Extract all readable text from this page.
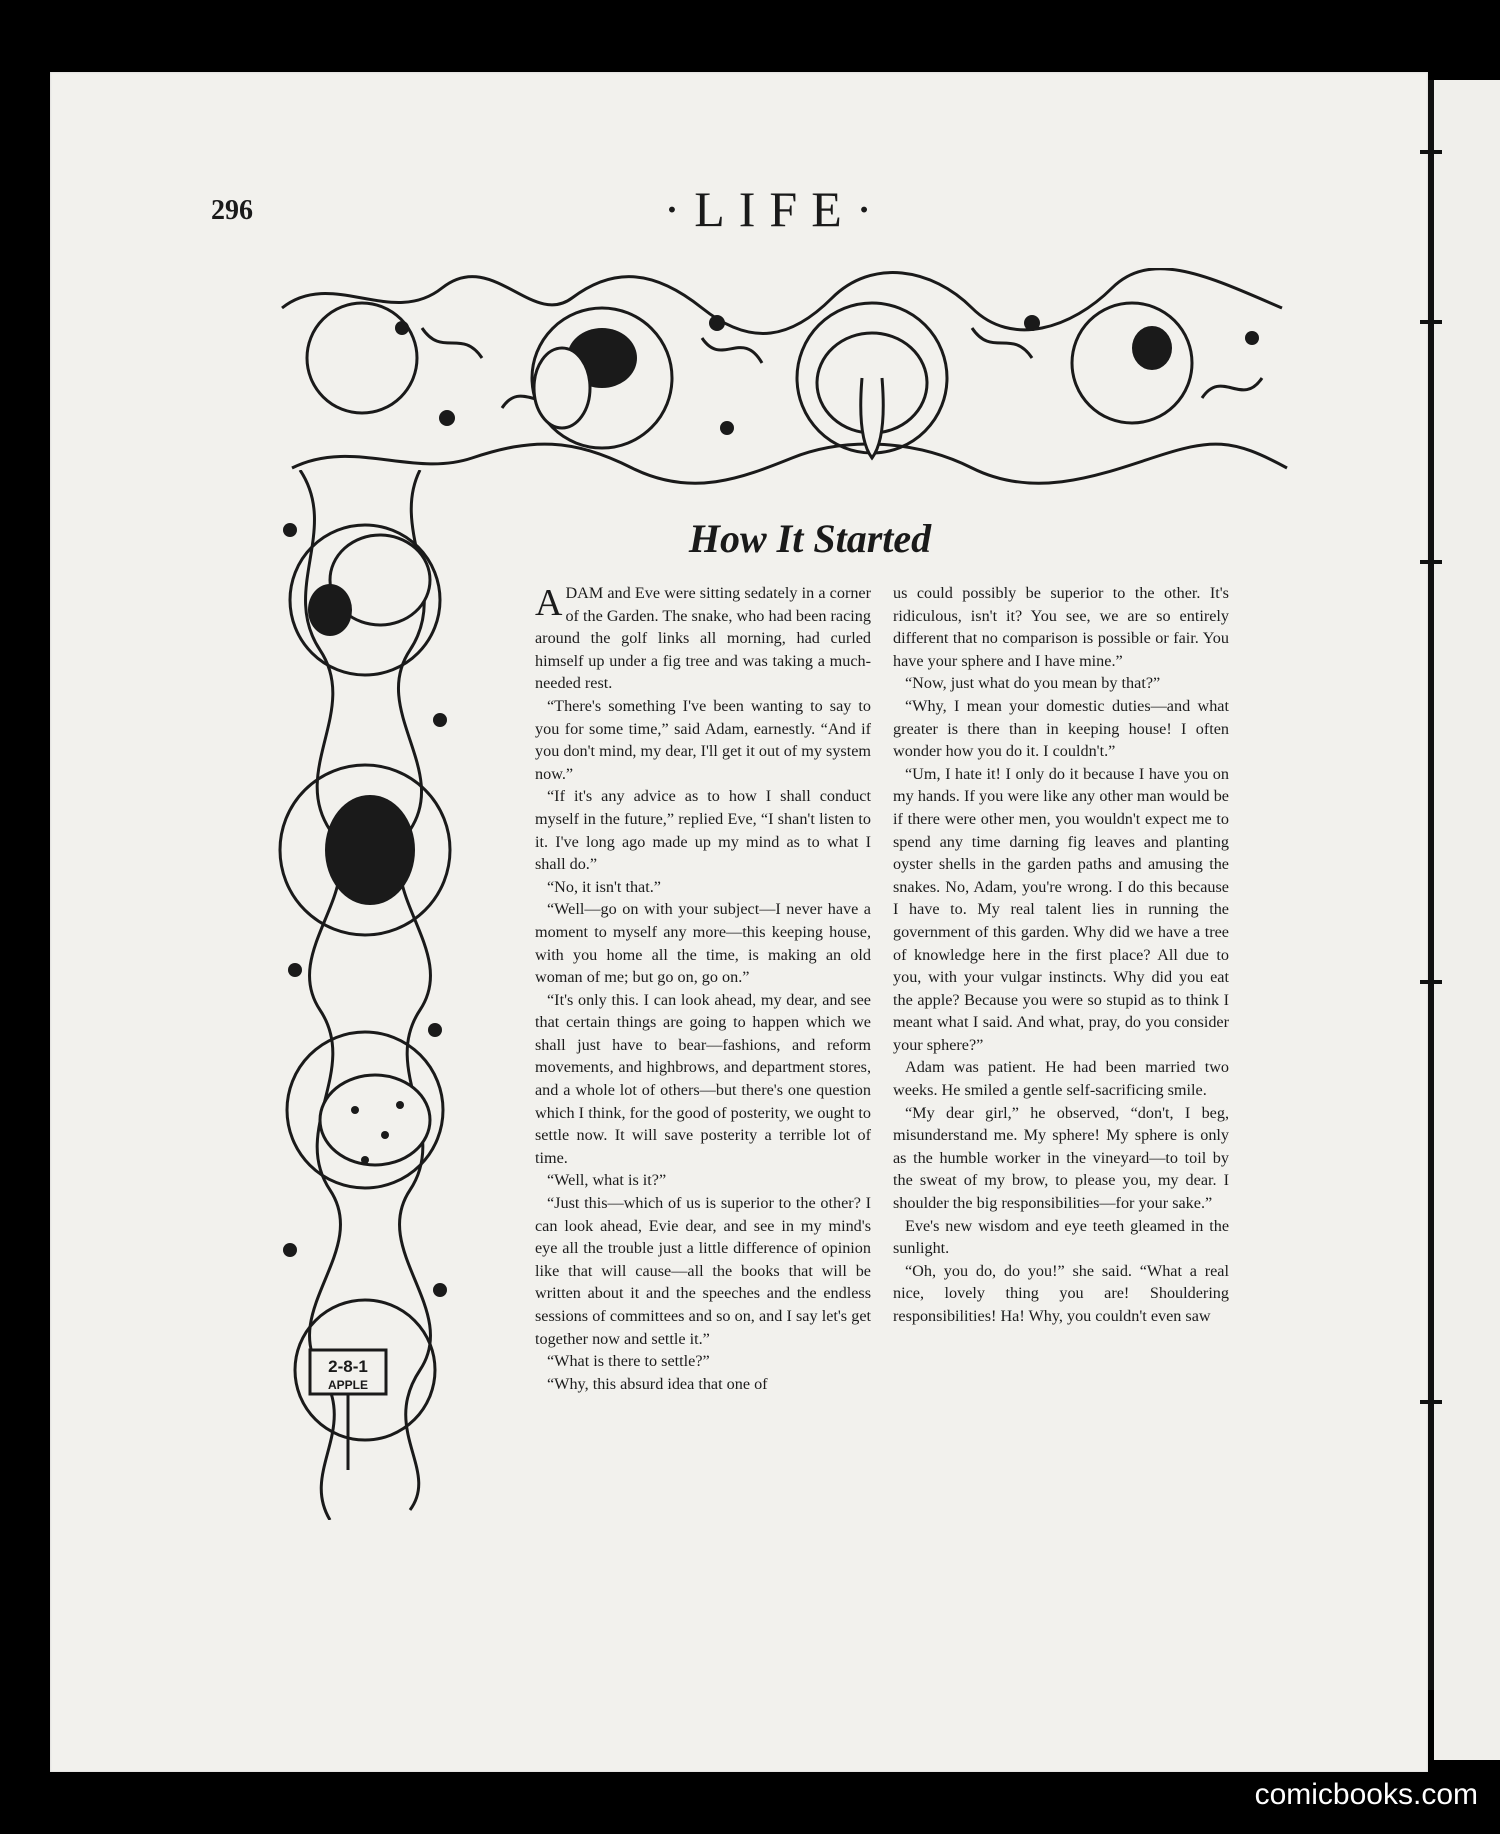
296	·LIFE·
2-8-1
APPLE
How It Started

ADAM and Eve were sitting sedately in a corner of the Garden. The snake, who had been racing around the golf links all morning, had curled himself up under a fig tree and was taking a much-needed rest.

“There's something I've been wanting to say to you for some time,” said Adam, earnestly. “And if you don't mind, my dear, I'll get it out of my system now.”

“If it's any advice as to how I shall conduct myself in the future,” replied Eve, “I shan't listen to it. I've long ago made up my mind as to what I shall do.”

“No, it isn't that.”

“Well—go on with your subject—I never have a moment to myself any more—this keeping house, with you home all the time, is making an old woman of me; but go on, go on.”

“It's only this. I can look ahead, my dear, and see that certain things are going to happen which we shall just have to bear—fashions, and reform movements, and highbrows, and department stores, and a whole lot of others—but there's one question which I think, for the good of posterity, we ought to settle now. It will save posterity a terrible lot of time.

“Well, what is it?”

“Just this—which of us is superior to the other? I can look ahead, Evie dear, and see in my mind's eye all the trouble just a little difference of opinion like that will cause—all the books that will be written about it and the speeches and the endless sessions of committees and so on, and I say let's get together now and settle it.”

“What is there to settle?”

“Why, this absurd idea that one of

us could possibly be superior to the other. It's ridiculous, isn't it? You see, we are so entirely different that no comparison is possible or fair. You have your sphere and I have mine.”

“Now, just what do you mean by that?”

“Why, I mean your domestic duties—and what greater is there than in keeping house! I often wonder how you do it. I couldn't.”

“Um, I hate it! I only do it because I have you on my hands. If you were like any other man would be if there were other men, you wouldn't expect me to spend any time darning fig leaves and planting oyster shells in the garden paths and amusing the snakes. No, Adam, you're wrong. I do this because I have to. My real talent lies in running the government of this garden. Why did we have a tree of knowledge here in the first place? All due to you, with your vulgar instincts. Why did you eat the apple? Because you were so stupid as to think I meant what I said. And what, pray, do you consider your sphere?”

Adam was patient. He had been married two weeks. He smiled a gentle self-sacrificing smile.

“My dear girl,” he observed, “don't, I beg, misunderstand me. My sphere! My sphere is only as the humble worker in the vineyard—to toil by the sweat of my brow, to please you, my dear. I shoulder the big responsibilities—for your sake.”

Eve's new wisdom and eye teeth gleamed in the sunlight.

“Oh, you do, do you!” she said. “What a real nice, lovely thing you are! Shouldering responsibilities! Ha! Why, you couldn't even saw

comicbooks.com
